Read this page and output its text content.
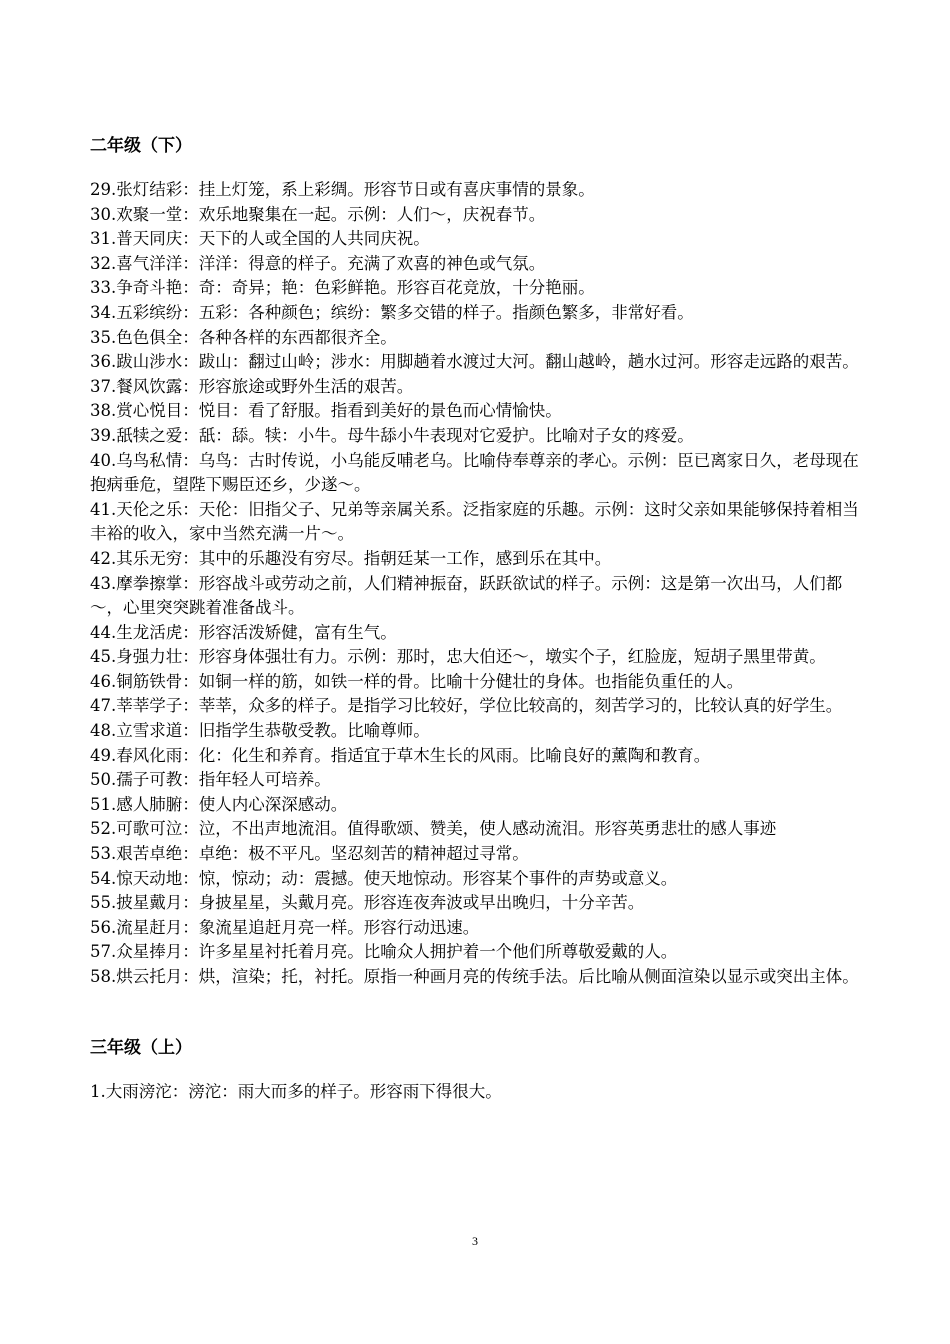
二年级（下）
29.张灯结彩：挂上灯笼，系上彩绸。形容节日或有喜庆事情的景象。
30.欢聚一堂：欢乐地聚集在一起。示例：人们～，庆祝春节。
31.普天同庆：天下的人或全国的人共同庆祝。
32.喜气洋洋：洋洋：得意的样子。充满了欢喜的神色或气氛。
33.争奇斗艳：奇：奇异；艳：色彩鲜艳。形容百花竞放，十分艳丽。
34.五彩缤纷：五彩：各种颜色；缤纷：繁多交错的样子。指颜色繁多，非常好看。
35.色色俱全：各种各样的东西都很齐全。
36.跋山涉水：跋山：翻过山岭；涉水：用脚趟着水渡过大河。翻山越岭，趟水过河。形容走远路的艰苦。
37.餐风饮露：形容旅途或野外生活的艰苦。
38.赏心悦目：悦目：看了舒服。指看到美好的景色而心情愉快。
39.舐犊之爱：舐：舔。犊：小牛。母牛舔小牛表现对它爱护。比喻对子女的疼爱。
40.乌鸟私情：乌鸟：古时传说，小乌能反哺老乌。比喻侍奉尊亲的孝心。示例：臣已离家日久，老母现在抱病垂危，望陛下赐臣还乡，少遂～。
41.天伦之乐：天伦：旧指父子、兄弟等亲属关系。泛指家庭的乐趣。示例：这时父亲如果能够保持着相当丰裕的收入，家中当然充满一片～。
42.其乐无穷：其中的乐趣没有穷尽。指朝廷某一工作，感到乐在其中。
43.摩拳擦掌：形容战斗或劳动之前，人们精神振奋，跃跃欲试的样子。示例：这是第一次出马，人们都～，心里突突跳着准备战斗。
44.生龙活虎：形容活泼矫健，富有生气。
45.身强力壮：形容身体强壮有力。示例：那时，忠大伯还～，墩实个子，红脸庞，短胡子黑里带黄。
46.铜筋铁骨：如铜一样的筋，如铁一样的骨。比喻十分健壮的身体。也指能负重任的人。
47.莘莘学子：莘莘，众多的样子。是指学习比较好，学位比较高的，刻苦学习的，比较认真的好学生。
48.立雪求道：旧指学生恭敬受教。比喻尊师。
49.春风化雨：化：化生和养育。指适宜于草木生长的风雨。比喻良好的薰陶和教育。
50.孺子可教：指年轻人可培养。
51.感人肺腑：使人内心深深感动。
52.可歌可泣：泣，不出声地流泪。值得歌颂、赞美，使人感动流泪。形容英勇悲壮的感人事迹
53.艰苦卓绝：卓绝：极不平凡。坚忍刻苦的精神超过寻常。
54.惊天动地：惊，惊动；动：震撼。使天地惊动。形容某个事件的声势或意义。
55.披星戴月：身披星星，头戴月亮。形容连夜奔波或早出晚归，十分辛苦。
56.流星赶月：象流星追赶月亮一样。形容行动迅速。
57.众星捧月：许多星星衬托着月亮。比喻众人拥护着一个他们所尊敬爱戴的人。
58.烘云托月：烘，渲染；托，衬托。原指一种画月亮的传统手法。后比喻从侧面渲染以显示或突出主体。
三年级（上）
1.大雨滂沱：滂沱：雨大而多的样子。形容雨下得很大。
3
